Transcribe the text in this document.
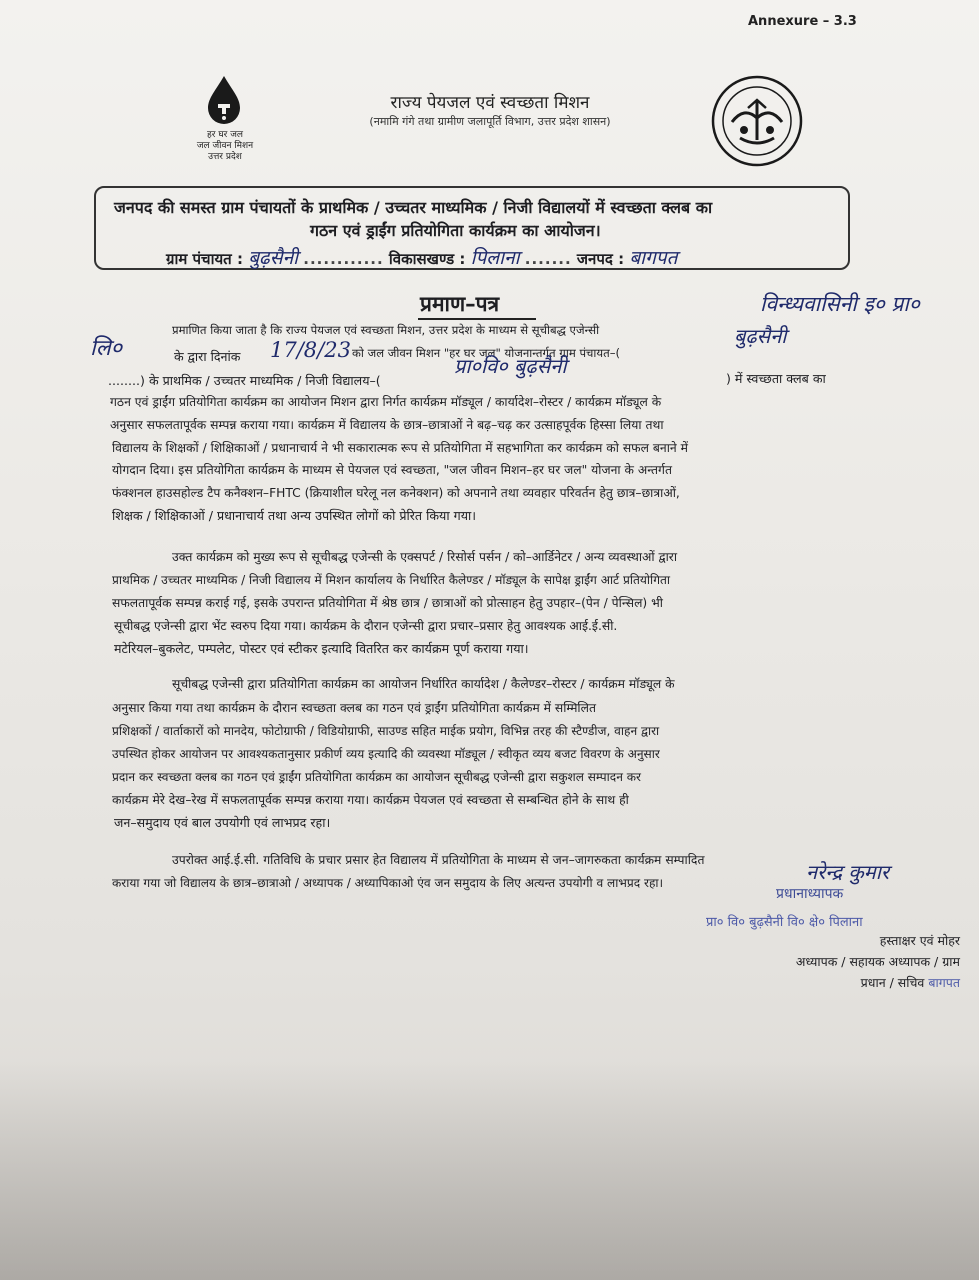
Annexure – 3.3
हर घर जल
जल जीवन मिशन
उत्तर प्रदेश
राज्य पेयजल एवं स्वच्छता मिशन
(नमामि गंगे तथा ग्रामीण जलापूर्ति विभाग, उत्तर प्रदेश शासन)
जनपद की समस्त ग्राम पंचायतों के प्राथमिक / उच्चतर माध्यमिक / निजी विद्यालयों में स्वच्छता क्लब का
गठन एवं ड्राईंग प्रतियोगिता कार्यक्रम का आयोजन।
ग्राम पंचायत : बुढ़सैनी ............ विकासखण्ड : पिलाना ....... जनपद : बागपत
प्रमाण–पत्र
प्रमाणित किया जाता है कि राज्य पेयजल एवं स्वच्छता मिशन, उत्तर प्रदेश के माध्यम से सूचीबद्ध एजेन्सी
विन्ध्यवासिनी इ० प्रा०
लि०	के द्वारा दिनांक 17/8/23 को जल जीवन मिशन "हर घर जल" योजनान्तर्गत ग्राम पंचायत–(
बुढ़सैनी
........) के प्राथमिक / उच्चतर माध्यमिक / निजी विद्यालय–(
प्रा०वि० बुढ़सैनी
) में स्वच्छता क्लब का
गठन एवं ड्राईंग प्रतियोगिता कार्यक्रम का आयोजन मिशन द्वारा निर्गत कार्यक्रम मॉड्यूल / कार्यादेश–रोस्टर / कार्यक्रम मॉड्यूल के
अनुसार सफलतापूर्वक सम्पन्न कराया गया। कार्यक्रम में विद्यालय के छात्र–छात्राओं ने बढ़–चढ़ कर उत्साहपूर्वक हिस्सा लिया तथा
विद्यालय के शिक्षकों / शिक्षिकाओं / प्रधानाचार्य ने भी सकारात्मक रूप से प्रतियोगिता में सहभागिता कर कार्यक्रम को सफल बनाने में
योगदान दिया। इस प्रतियोगिता कार्यक्रम के माध्यम से पेयजल एवं स्वच्छता, "जल जीवन मिशन–हर घर जल" योजना के अन्तर्गत
फंक्शनल हाउसहोल्ड टैप कनैक्शन–FHTC (क्रियाशील घरेलू नल कनेक्शन) को अपनाने तथा व्यवहार परिवर्तन हेतु छात्र–छात्राओं,
शिक्षक / शिक्षिकाओं / प्रधानाचार्य तथा अन्य उपस्थित लोगों को प्रेरित किया गया।
उक्त कार्यक्रम को मुख्य रूप से सूचीबद्ध एजेन्सी के एक्सपर्ट / रिसोर्स पर्सन / को–आर्डिनेटर / अन्य व्यवस्थाओं द्वारा
प्राथमिक / उच्चतर माध्यमिक / निजी विद्यालय में मिशन कार्यालय के निर्धारित कैलेण्डर / मॉड्यूल के सापेक्ष ड्राईंग आर्ट प्रतियोगिता
सफलतापूर्वक सम्पन्न कराई गई, इसके उपरान्त प्रतियोगिता में श्रेष्ठ छात्र / छात्राओं को प्रोत्साहन हेतु उपहार–(पेन / पेन्सिल) भी
सूचीबद्ध एजेन्सी द्वारा भेंट स्वरुप दिया गया। कार्यक्रम के दौरान एजेन्सी द्वारा प्रचार–प्रसार हेतु आवश्यक आई.ई.सी.
मटेरियल–बुकलेट, पम्पलेट, पोस्टर एवं स्टीकर इत्यादि वितरित कर कार्यक्रम पूर्ण कराया गया।
सूचीबद्ध एजेन्सी द्वारा प्रतियोगिता कार्यक्रम का आयोजन निर्धारित कार्यादेश / कैलेण्डर–रोस्टर / कार्यक्रम मॉड्यूल के
अनुसार किया गया तथा कार्यक्रम के दौरान स्वच्छता क्लब का गठन एवं ड्राईंग प्रतियोगिता कार्यक्रम में सम्मिलित
प्रशिक्षकों / वार्ताकारों को मानदेय, फोटोग्राफी / विडियोग्राफी, साउण्ड सहित माईक प्रयोग, विभिन्न तरह की स्टैण्डीज, वाहन द्वारा
उपस्थित होकर आयोजन पर आवश्यकतानुसार प्रकीर्ण व्यय इत्यादि की व्यवस्था मॉड्यूल / स्वीकृत व्यय बजट विवरण के अनुसार
प्रदान कर स्वच्छता क्लब का गठन एवं ड्राईंग प्रतियोगिता कार्यक्रम का आयोजन सूचीबद्ध एजेन्सी द्वारा सकुशल सम्पादन कर
कार्यक्रम मेरे देख–रेख में सफलतापूर्वक सम्पन्न कराया गया। कार्यक्रम पेयजल एवं स्वच्छता से सम्बन्धित होने के साथ ही
जन–समुदाय एवं बाल उपयोगी एवं लाभप्रद रहा।
उपरोक्त आई.ई.सी. गतिविधि के प्रचार प्रसार हेत विद्यालय में प्रतियोगिता के माध्यम से जन–जागरुकता कार्यक्रम सम्पादित
कराया गया जो विद्यालय के छात्र–छात्राओ / अध्यापक / अध्यापिकाओ एंव जन समुदाय के लिए अत्यन्त उपयोगी व लाभप्रद रहा।	नरेन्द्र कुमार
प्रधानाध्यापक
प्रा० वि० बुढ़सैनी वि० क्षे० पिलाना
हस्ताक्षर एवं मोहर
अध्यापक / सहायक अध्यापक / ग्राम
प्रधान / सचिव बागपत
